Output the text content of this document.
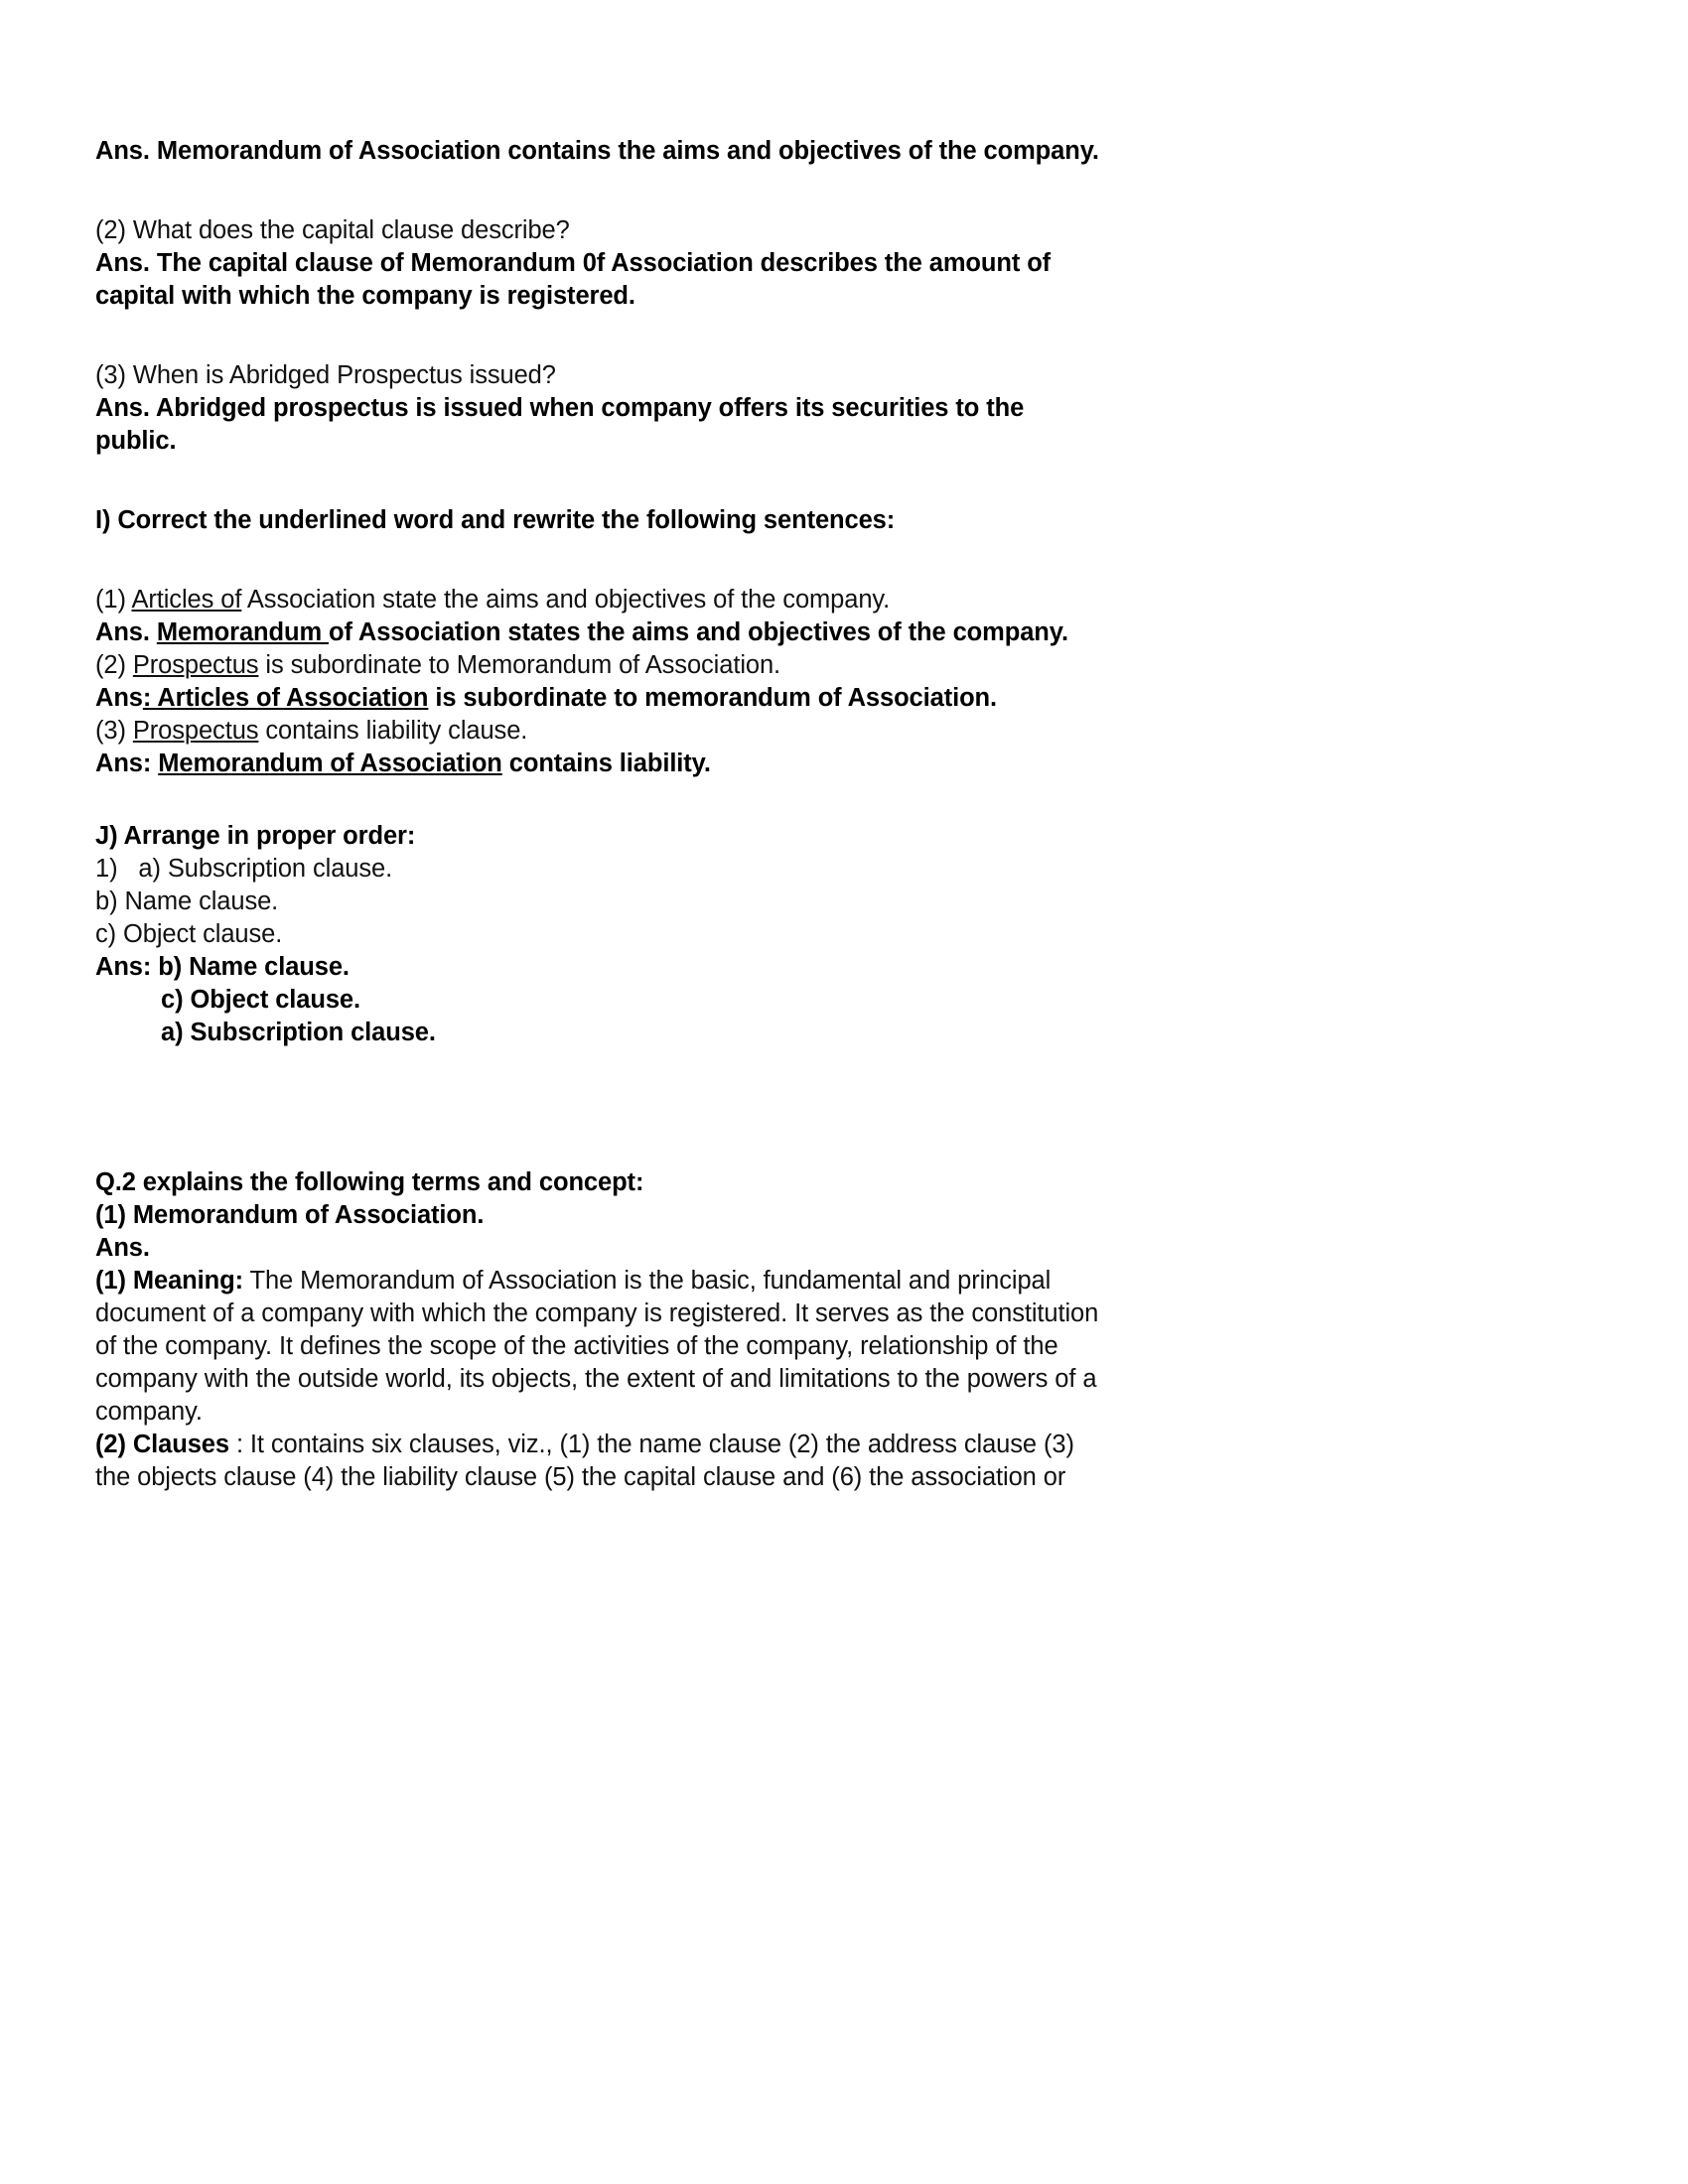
Ans. Memorandum of Association contains the aims and objectives of the company.
(2) What does the capital clause describe?
Ans. The capital clause of Memorandum 0f Association describes the amount of capital with which the company is registered.
(3) When is Abridged Prospectus issued?
Ans. Abridged prospectus is issued when company offers its securities to the public.
I) Correct the underlined word and rewrite the following sentences:
(1) Articles of Association state the aims and objectives of the company.
Ans. Memorandum of Association states the aims and objectives of the company.
(2) Prospectus is subordinate to Memorandum of Association.
Ans: Articles of Association is subordinate to memorandum of Association.
(3) Prospectus contains liability clause.
Ans: Memorandum of Association contains liability.
J) Arrange in proper order:
1)   a) Subscription clause.
b) Name clause.
c) Object clause.
Ans: b) Name clause.
c) Object clause.
a) Subscription clause.
Q.2 explains the following terms and concept:
(1) Memorandum of Association.
Ans.
(1) Meaning: The Memorandum of Association is the basic, fundamental and principal document of a company with which the company is registered. It serves as the constitution of the company. It defines the scope of the activities of the company, relationship of the company with the outside world, its objects, the extent of and limitations to the powers of a company.
(2) Clauses : It contains six clauses, viz., (1) the name clause (2) the address clause (3) the objects clause (4) the liability clause (5) the capital clause and (6) the association or
